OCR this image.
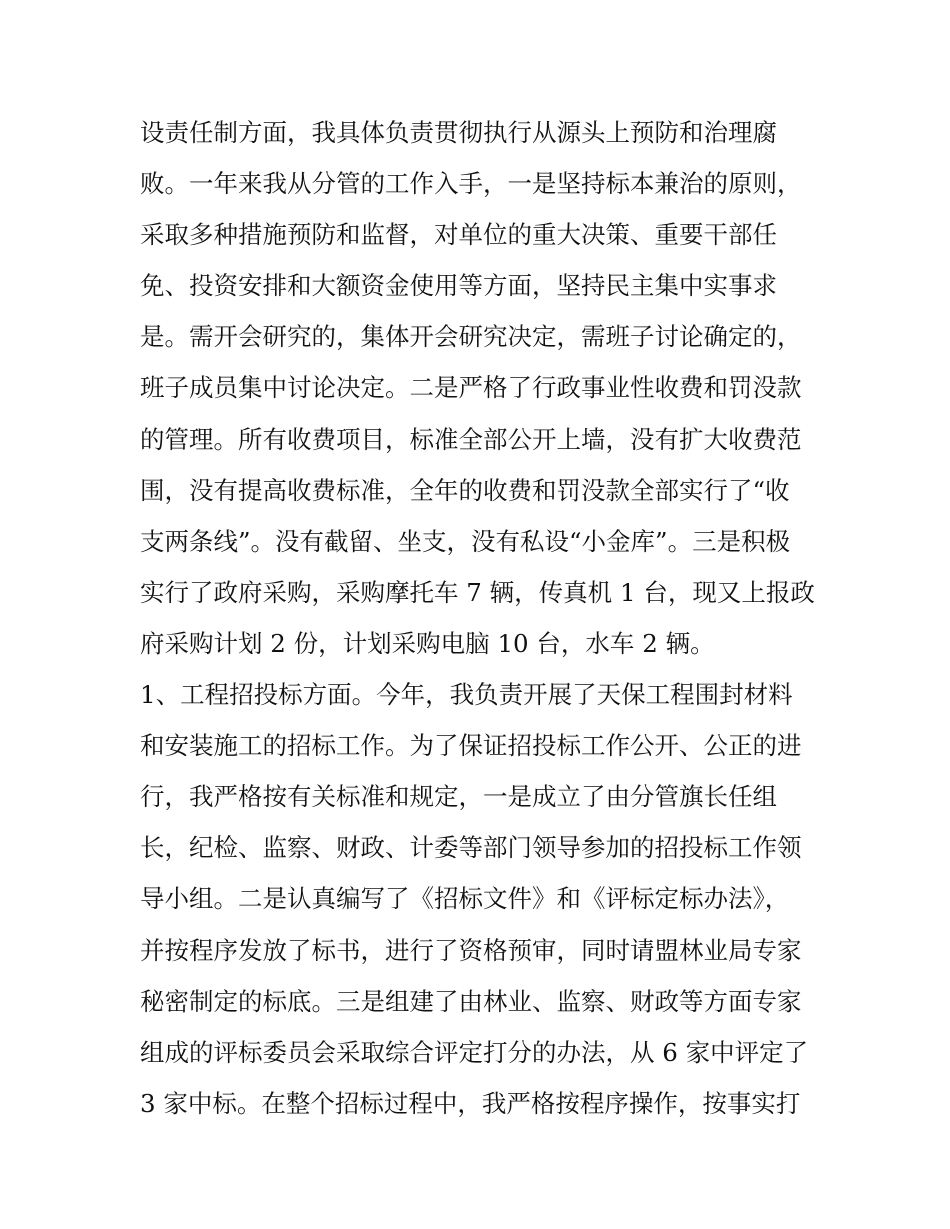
设责任制方面，我具体负责贯彻执行从源头上预防和治理腐
败。一年来我从分管的工作入手，一是坚持标本兼治的原则，
采取多种措施预防和监督，对单位的重大决策、重要干部任
免、投资安排和大额资金使用等方面，坚持民主集中实事求
是。需开会研究的，集体开会研究决定，需班子讨论确定的，
班子成员集中讨论决定。二是严格了行政事业性收费和罚没款
的管理。所有收费项目，标准全部公开上墙，没有扩大收费范
围，没有提高收费标准，全年的收费和罚没款全部实行了“收
支两条线”。没有截留、坐支，没有私设“小金库”。三是积极
实行了政府采购，采购摩托车 7 辆，传真机 1 台，现又上报政
府采购计划 2 份，计划采购电脑 10 台，水车 2 辆。
1、工程招投标方面。今年，我负责开展了天保工程围封材料
和安装施工的招标工作。为了保证招投标工作公开、公正的进
行，我严格按有关标准和规定，一是成立了由分管旗长任组
长，纪检、监察、财政、计委等部门领导参加的招投标工作领
导小组。二是认真编写了《招标文件》和《评标定标办法》，
并按程序发放了标书，进行了资格预审，同时请盟林业局专家
秘密制定的标底。三是组建了由林业、监察、财政等方面专家
组成的评标委员会采取综合评定打分的办法，从 6 家中评定了
3 家中标。在整个招标过程中，我严格按程序操作，按事实打
